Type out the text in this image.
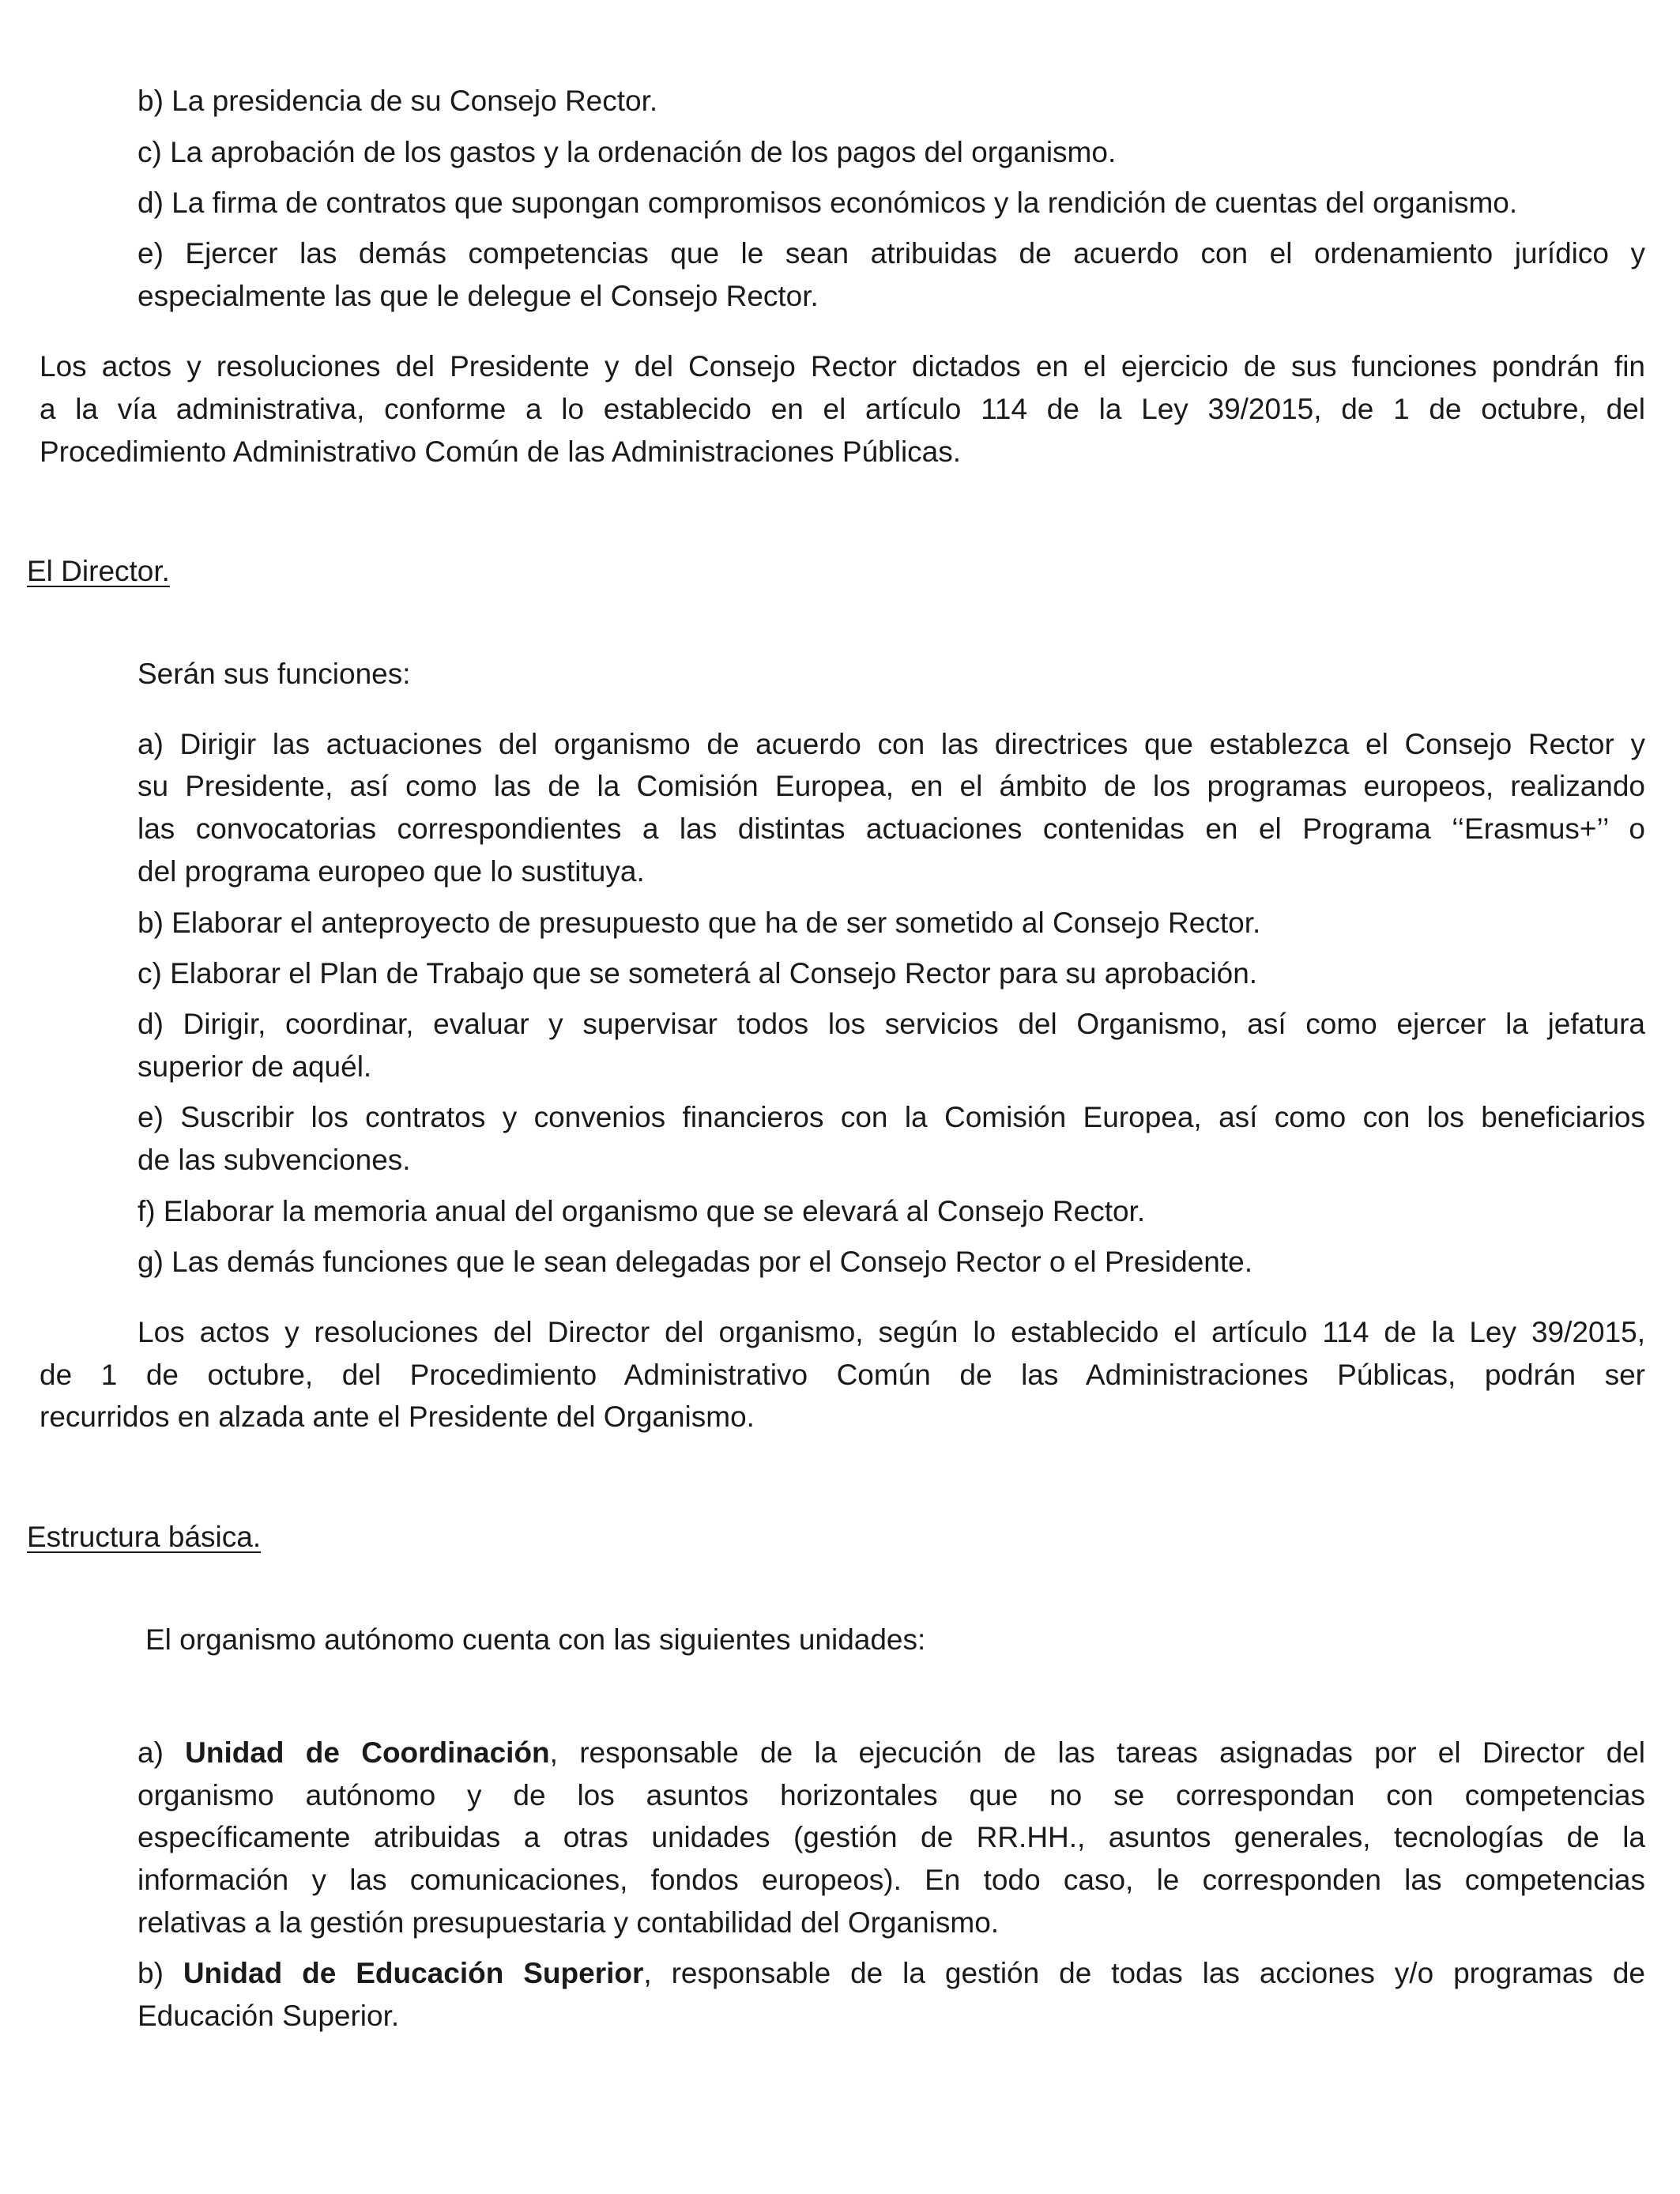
b) La presidencia de su Consejo Rector.

c) La aprobación de los gastos y la ordenación de los pagos del organismo.

d) La firma de contratos que supongan compromisos económicos y la rendición de cuentas del organismo.

e) Ejercer las demás competencias que le sean atribuidas de acuerdo con el ordenamiento jurídico y

especialmente las que le delegue el Consejo Rector.

Los actos y resoluciones del Presidente y del Consejo Rector dictados en el ejercicio de sus funciones pondrán fin

a la vía administrativa, conforme a lo establecido en el artículo 114 de la Ley 39/2015, de 1 de octubre, del

Procedimiento Administrativo Común de las Administraciones Públicas.

El Director.

Serán sus funciones:

a) Dirigir las actuaciones del organismo de acuerdo con las directrices que establezca el Consejo Rector y

su Presidente, así como las de la Comisión Europea, en el ámbito de los programas europeos, realizando

las convocatorias correspondientes a las distintas actuaciones contenidas en el Programa ‘‘Erasmus+’’ o

del programa europeo que lo sustituya.

b) Elaborar el anteproyecto de presupuesto que ha de ser sometido al Consejo Rector.

c) Elaborar el Plan de Trabajo que se someterá al Consejo Rector para su aprobación.

d) Dirigir, coordinar, evaluar y supervisar todos los servicios del Organismo, así como ejercer la jefatura

superior de aquél.

e) Suscribir los contratos y convenios financieros con la Comisión Europea, así como con los beneficiarios

de las subvenciones.

f) Elaborar la memoria anual del organismo que se elevará al Consejo Rector.

g) Las demás funciones que le sean delegadas por el Consejo Rector o el Presidente.

Los actos y resoluciones del Director del organismo, según lo establecido el artículo 114 de la Ley 39/2015,

de 1 de octubre, del Procedimiento Administrativo Común de las Administraciones Públicas, podrán ser

recurridos en alzada ante el Presidente del Organismo.

Estructura básica.

El organismo autónomo cuenta con las siguientes unidades:

a) Unidad de Coordinación, responsable de la ejecución de las tareas asignadas por el Director del

organismo autónomo y de los asuntos horizontales que no se correspondan con competencias

específicamente atribuidas a otras unidades (gestión de RR.HH., asuntos generales, tecnologías de la

información y las comunicaciones, fondos europeos). En todo caso, le corresponden las competencias

relativas a la gestión presupuestaria y contabilidad del Organismo.

b) Unidad de Educación Superior, responsable de la gestión de todas las acciones y/o programas de

Educación Superior.
